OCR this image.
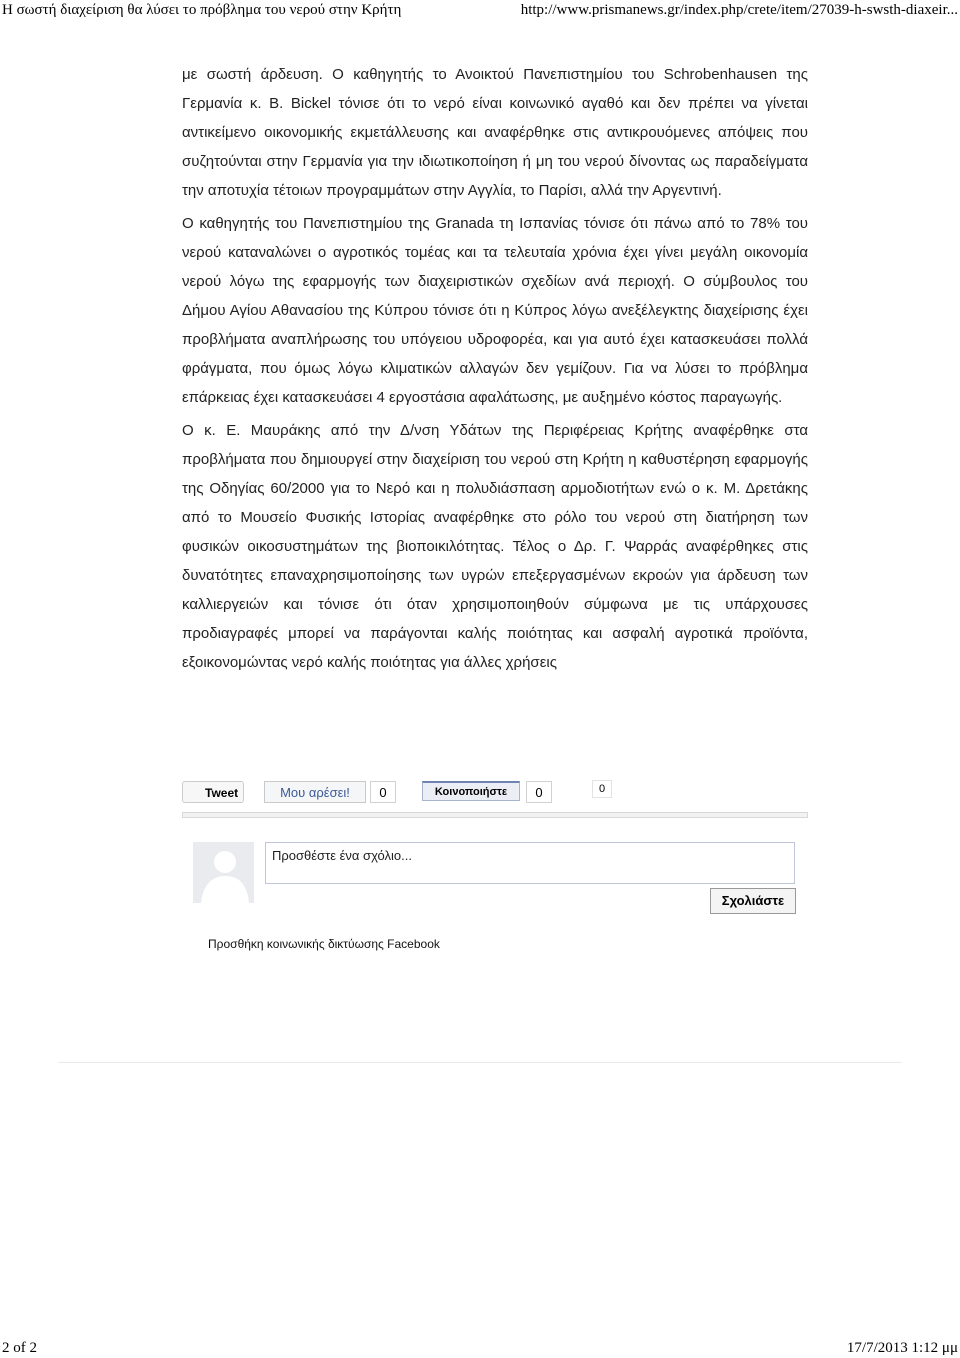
Η σωστή διαχείριση θα λύσει το πρόβλημα του νερού στην Κρήτη	http://www.prismanews.gr/index.php/crete/item/27039-h-swsth-diaxeir...

με σωστή άρδευση. Ο καθηγητής το Ανοικτού Πανεπιστημίου του Schrobenhausen της Γερμανία κ. Β. Bickel τόνισε ότι το νερό είναι κοινωνικό αγαθό και δεν πρέπει να γίνεται αντικείμενο οικονομικής εκμετάλλευσης και αναφέρθηκε στις αντικρουόμενες απόψεις που συζητούνται στην Γερμανία για την ιδιωτικοποίηση ή μη του νερού δίνοντας ως παραδείγματα την αποτυχία τέτοιων προγραμμάτων στην Αγγλία, το Παρίσι, αλλά την Αργεντινή.

Ο καθηγητής του Πανεπιστημίου της Granada τη Ισπανίας τόνισε ότι πάνω από το 78% του νερού καταναλώνει ο αγροτικός τομέας και τα τελευταία χρόνια έχει γίνει μεγάλη οικονομία νερού λόγω της εφαρμογής των διαχειριστικών σχεδίων ανά περιοχή. Ο σύμβουλος του Δήμου Αγίου Αθανασίου της Κύπρου τόνισε ότι η Κύπρος λόγω ανεξέλεγκτης διαχείρισης έχει προβλήματα αναπλήρωσης του υπόγειου υδροφορέα, και για αυτό έχει κατασκευάσει πολλά φράγματα, που όμως λόγω κλιματικών αλλαγών δεν γεμίζουν. Για να λύσει το πρόβλημα επάρκειας έχει κατασκευάσει 4 εργοστάσια αφαλάτωσης, με αυξημένο κόστος παραγωγής.

Ο κ. Ε. Μαυράκης από την Δ/νση Υδάτων της Περιφέρειας Κρήτης αναφέρθηκε στα προβλήματα που δημιουργεί στην διαχείριση του νερού στη Κρήτη η καθυστέρηση εφαρμογής της Οδηγίας 60/2000 για το Νερό και η πολυδιάσπαση αρμοδιοτήτων ενώ ο κ. Μ. Δρετάκης από το Μουσείο Φυσικής Ιστορίας αναφέρθηκε στο ρόλο του νερού στη διατήρηση των φυσικών οικοσυστημάτων της βιοποικιλότητας. Τέλος ο Δρ. Γ. Ψαρράς αναφέρθηκες στις δυνατότητες επαναχρησιμοποίησης των υγρών επεξεργασμένων εκροών για άρδευση των καλλιεργειών και τόνισε ότι όταν χρησιμοποιηθούν σύμφωνα με τις υπάρχουσες προδιαγραφές μπορεί να παράγονται καλής ποιότητας και ασφαλή αγροτικά προϊόντα, εξοικονομώντας νερό καλής ποιότητας για άλλες χρήσεις

Tweet	Μου αρέσει!	0	Κοινοποιήστε	0	0
Προσθέστε ένα σχόλιο...
Σχολιάστε
Προσθήκη κοινωνικής δικτύωσης Facebook
2 of 2	17/7/2013 1:12 μμ
